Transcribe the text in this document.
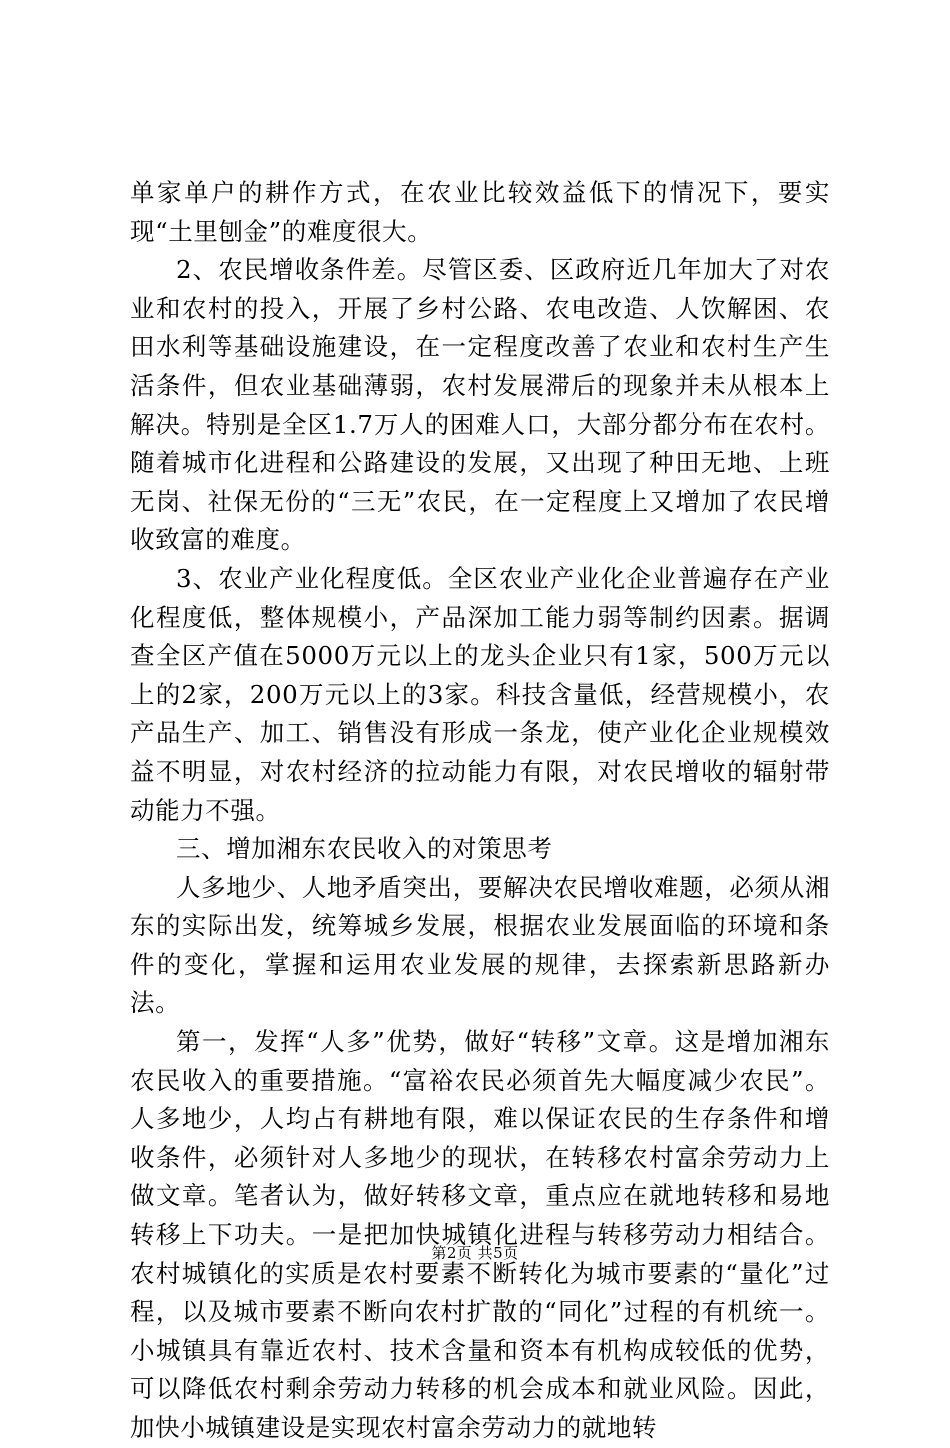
单家单户的耕作方式，在农业比较效益低下的情况下，要实现“土里刨金”的难度很大。

2、农民增收条件差。尽管区委、区政府近几年加大了对农业和农村的投入，开展了乡村公路、农电改造、人饮解困、农田水利等基础设施建设，在一定程度改善了农业和农村生产生活条件，但农业基础薄弱，农村发展滞后的现象并未从根本上解决。特别是全区1.7万人的困难人口，大部分都分布在农村。随着城市化进程和公路建设的发展，又出现了种田无地、上班无岗、社保无份的“三无”农民，在一定程度上又增加了农民增收致富的难度。

3、农业产业化程度低。全区农业产业化企业普遍存在产业化程度低，整体规模小，产品深加工能力弱等制约因素。据调查全区产值在5000万元以上的龙头企业只有1家，500万元以上的2家，200万元以上的3家。科技含量低，经营规模小，农产品生产、加工、销售没有形成一条龙，使产业化企业规模效益不明显，对农村经济的拉动能力有限，对农民增收的辐射带动能力不强。

三、增加湘东农民收入的对策思考

人多地少、人地矛盾突出，要解决农民增收难题，必须从湘东的实际出发，统筹城乡发展，根据农业发展面临的环境和条件的变化，掌握和运用农业发展的规律，去探索新思路新办法。

第一，发挥“人多”优势，做好“转移”文章。这是增加湘东农民收入的重要措施。“富裕农民必须首先大幅度减少农民”。人多地少，人均占有耕地有限，难以保证农民的生存条件和增收条件，必须针对人多地少的现状，在转移农村富余劳动力上做文章。笔者认为，做好转移文章，重点应在就地转移和易地转移上下功夫。一是把加快城镇化进程与转移劳动力相结合。农村城镇化的实质是农村要素不断转化为城市要素的“量化”过程，以及城市要素不断向农村扩散的“同化”过程的有机统一。小城镇具有靠近农村、技术含量和资本有机构成较低的优势，可以降低农村剩余劳动力转移的机会成本和就业风险。因此，加快小城镇建设是实现农村富余劳动力的就地转

第2页 共5页
